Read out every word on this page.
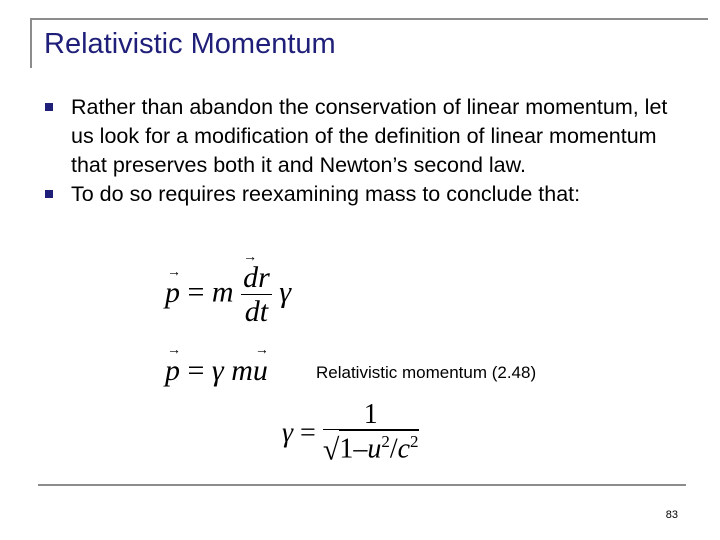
Relativistic Momentum
Rather than abandon the conservation of linear momentum, let us look for a modification of the definition of linear momentum that preserves both it and Newton’s second law.
To do so requires reexamining mass to conclude that:
→ p = m
→ $\frac{dr}{dt}$ γ
→ p = γ m→ u	Relativistic momentum (2.48)
$\gamma = \frac{1}{√1-u^2/c^2}$
83
